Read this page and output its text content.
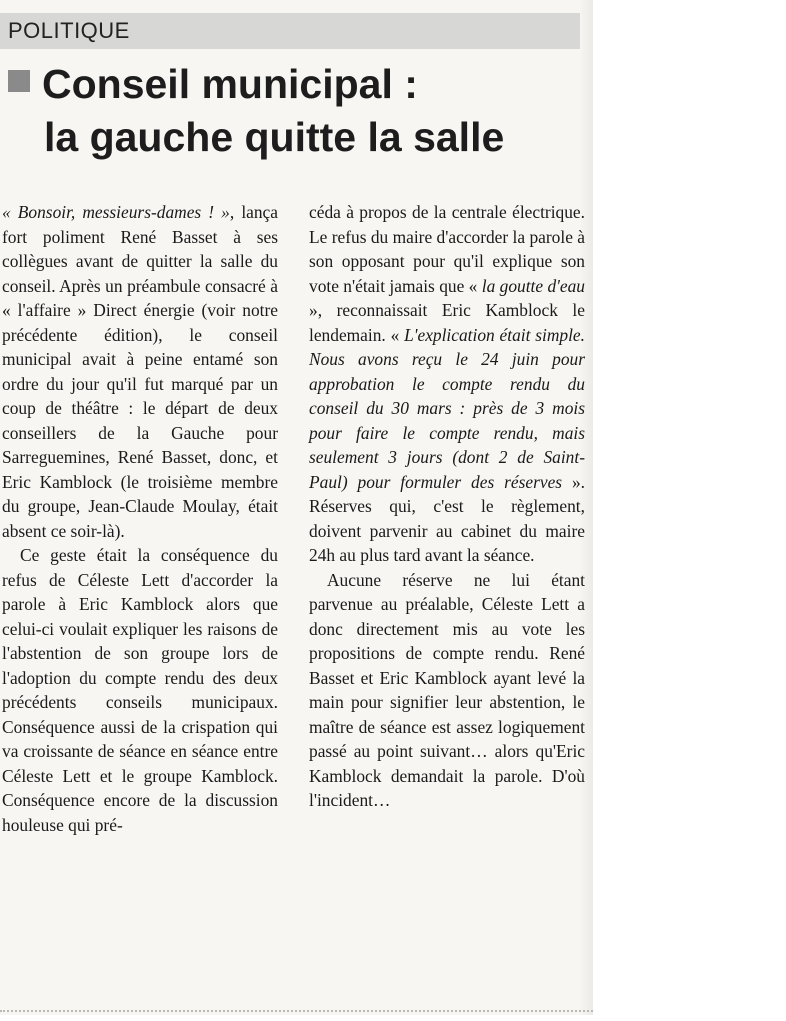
POLITIQUE
Conseil municipal :
la gauche quitte la salle

« Bonsoir, messieurs-dames ! », lança fort poliment René Basset à ses collègues avant de quitter la salle du conseil. Après un préambule consacré à « l'affaire » Direct énergie (voir notre précédente édition), le conseil municipal avait à peine entamé son ordre du jour qu'il fut marqué par un coup de théâtre : le départ de deux conseillers de la Gauche pour Sarreguemines, René Basset, donc, et Eric Kamblock (le troisième membre du groupe, Jean-Claude Moulay, était absent ce soir-là).

Ce geste était la conséquence du refus de Céleste Lett d'accorder la parole à Eric Kamblock alors que celui-ci voulait expliquer les raisons de l'abstention de son groupe lors de l'adoption du compte rendu des deux précédents conseils municipaux. Conséquence aussi de la crispation qui va croissante de séance en séance entre Céleste Lett et le groupe Kamblock. Conséquence encore de la discussion houleuse qui pré-

céda à propos de la centrale électrique. Le refus du maire d'accorder la parole à son opposant pour qu'il explique son vote n'était jamais que « la goutte d'eau », reconnaissait Eric Kamblock le lendemain. « L'explication était simple. Nous avons reçu le 24 juin pour approbation le compte rendu du conseil du 30 mars : près de 3 mois pour faire le compte rendu, mais seulement 3 jours (dont 2 de Saint-Paul) pour formuler des réserves ». Réserves qui, c'est le règlement, doivent parvenir au cabinet du maire 24h au plus tard avant la séance.

Aucune réserve ne lui étant parvenue au préalable, Céleste Lett a donc directement mis au vote les propositions de compte rendu. René Basset et Eric Kamblock ayant levé la main pour signifier leur abstention, le maître de séance est assez logiquement passé au point suivant… alors qu'Eric Kamblock demandait la parole. D'où l'incident…
